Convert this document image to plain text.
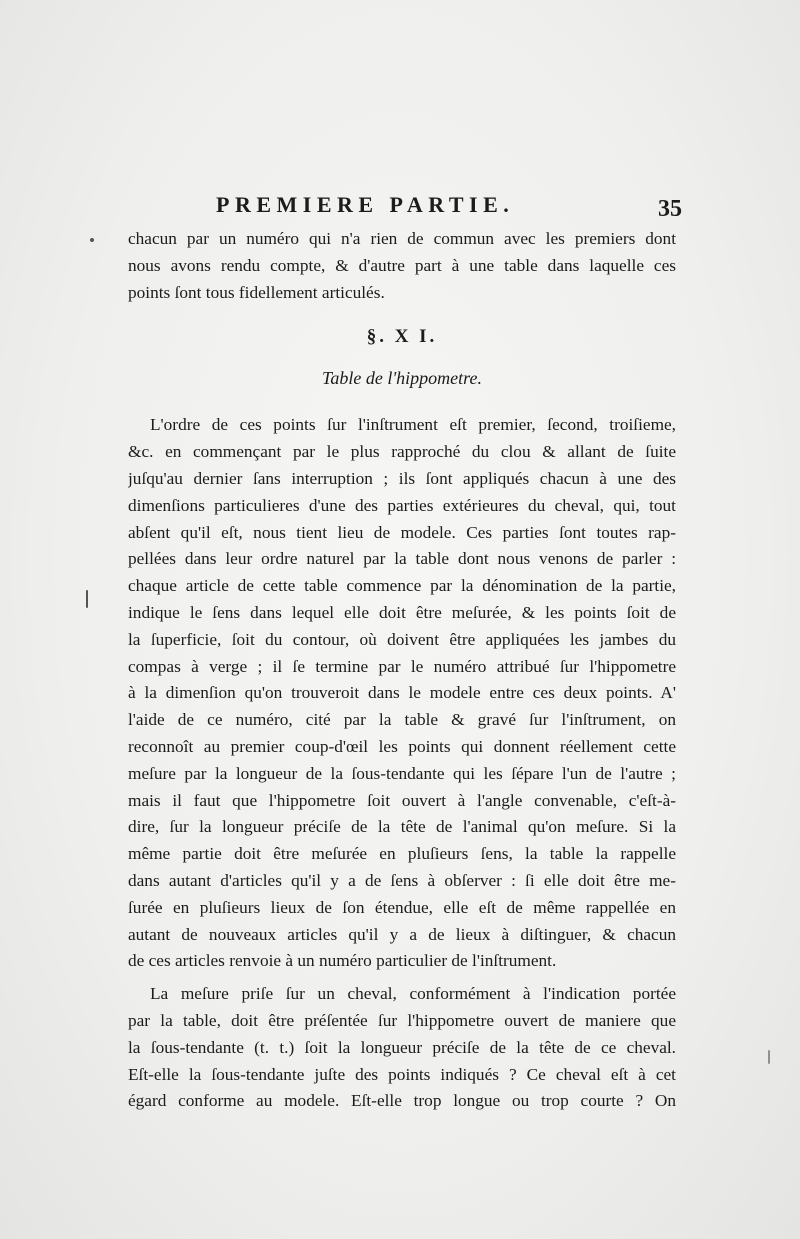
PREMIERE PARTIE.	35
chacun par un numéro qui n'a rien de commun avec les premiers dont
nous avons rendu compte, & d'autre part à une table dans laquelle ces
points ſont tous fidellement articulés.
§. X I.
Table de l'hippometre.
L'ordre de ces points ſur l'inſtrument eſt premier, ſecond, troiſieme,
&c. en commençant par le plus rapproché du clou & allant de ſuite
juſqu'au dernier ſans interruption ; ils ſont appliqués chacun à une des
dimenſions particulieres d'une des parties extérieures du cheval, qui, tout
abſent qu'il eſt, nous tient lieu de modele. Ces parties ſont toutes rap-
pellées dans leur ordre naturel par la table dont nous venons de parler :
chaque article de cette table commence par la dénomination de la partie,
indique le ſens dans lequel elle doit être meſurée, & les points ſoit de
la ſuperficie, ſoit du contour, où doivent être appliquées les jambes du
compas à verge ; il ſe termine par le numéro attribué ſur l'hippometre
à la dimenſion qu'on trouveroit dans le modele entre ces deux points. A'
l'aide de ce numéro, cité par la table & gravé ſur l'inſtrument, on
reconnoît au premier coup-d'œil les points qui donnent réellement cette
meſure par la longueur de la ſous-tendante qui les ſépare l'un de l'autre ;
mais il faut que l'hippometre ſoit ouvert à l'angle convenable, c'eſt-à-
dire, ſur la longueur préciſe de la tête de l'animal qu'on meſure. Si la
même partie doit être meſurée en pluſieurs ſens, la table la rappelle
dans autant d'articles qu'il y a de ſens à obſerver : ſi elle doit être me-
ſurée en pluſieurs lieux de ſon étendue, elle eſt de même rappellée en
autant de nouveaux articles qu'il y a de lieux à diſtinguer, & chacun
de ces articles renvoie à un numéro particulier de l'inſtrument.
La meſure priſe ſur un cheval, conformément à l'indication portée
par la table, doit être préſentée ſur l'hippometre ouvert de maniere que
la ſous-tendante (t. t.) ſoit la longueur préciſe de la tête de ce cheval.
Eſt-elle la ſous-tendante juſte des points indiqués ? Ce cheval eſt à cet
égard conforme au modele. Eſt-elle trop longue ou trop courte ? On
